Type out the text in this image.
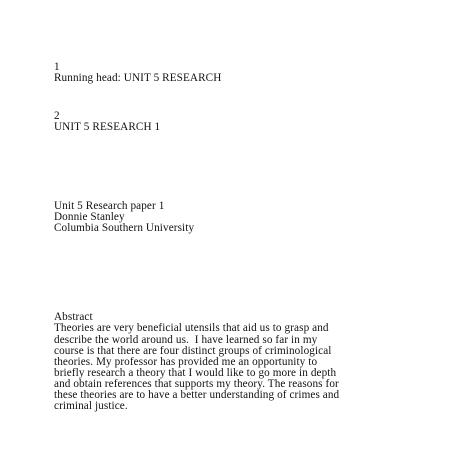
1
Running head: UNIT 5 RESEARCH
2
UNIT 5 RESEARCH 1
Unit 5 Research paper 1
Donnie Stanley
Columbia Southern University
Abstract
Theories are very beneficial utensils that aid us to grasp and
describe the world around us.  I have learned so far in my
course is that there are four distinct groups of criminological
theories. My professor has provided me an opportunity to
briefly research a theory that I would like to go more in depth
and obtain references that supports my theory. The reasons for
these theories are to have a better understanding of crimes and
criminal justice.
